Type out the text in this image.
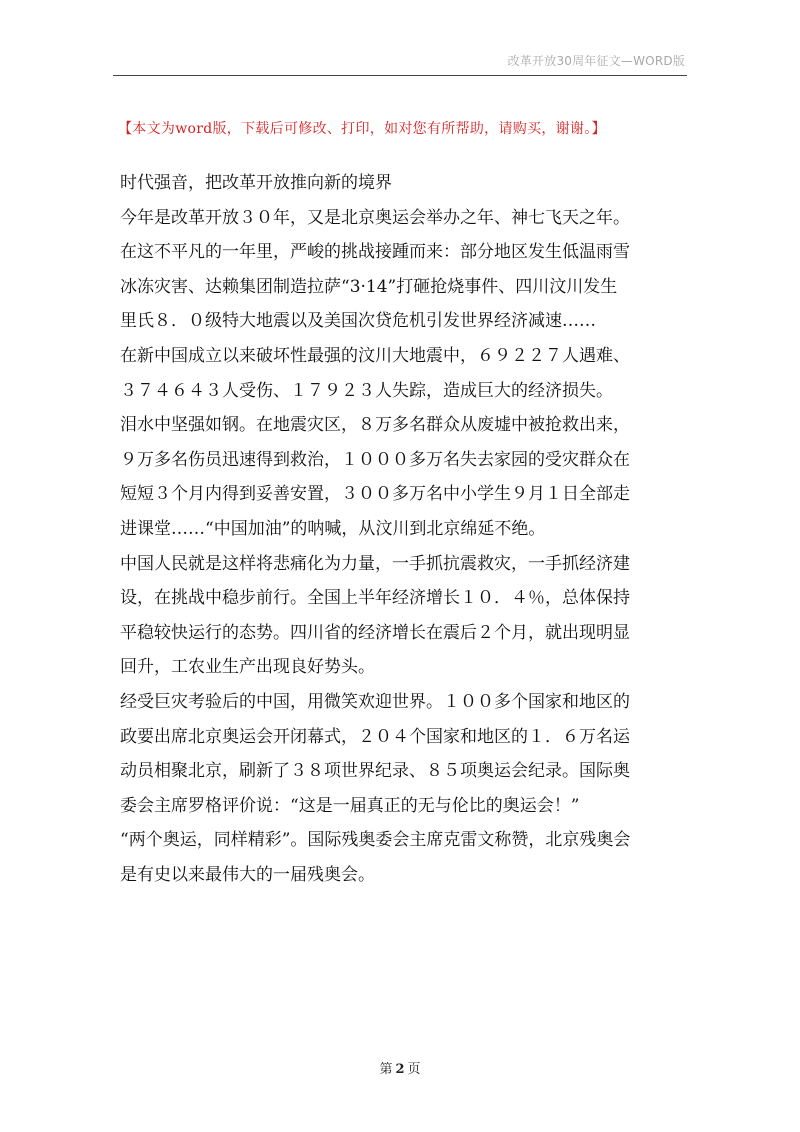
改革开放30周年征文—WORD版
【本文为word版，下载后可修改、打印，如对您有所帮助，请购买，谢谢。】
时代强音，把改革开放推向新的境界
今年是改革开放３０年，又是北京奥运会举办之年、神七飞天之年。
在这不平凡的一年里，严峻的挑战接踵而来：部分地区发生低温雨雪
冰冻灾害、达赖集团制造拉萨“3·14”打砸抢烧事件、四川汶川发生
里氏８．０级特大地震以及美国次贷危机引发世界经济减速……
在新中国成立以来破坏性最强的汶川大地震中，６９２２７人遇难、
３７４６４３人受伤、１７９２３人失踪，造成巨大的经济损失。
泪水中坚强如钢。在地震灾区，８万多名群众从废墟中被抢救出来，
９万多名伤员迅速得到救治，１０００多万名失去家园的受灾群众在
短短３个月内得到妥善安置，３００多万名中小学生９月１日全部走
进课堂……“中国加油”的呐喊，从汶川到北京绵延不绝。
中国人民就是这样将悲痛化为力量，一手抓抗震救灾，一手抓经济建
设，在挑战中稳步前行。全国上半年经济增长１０．４％，总体保持
平稳较快运行的态势。四川省的经济增长在震后２个月，就出现明显
回升，工农业生产出现良好势头。
经受巨灾考验后的中国，用微笑欢迎世界。１００多个国家和地区的
政要出席北京奥运会开闭幕式，２０４个国家和地区的１．６万名运
动员相聚北京，刷新了３８项世界纪录、８５项奥运会纪录。国际奥
委会主席罗格评价说：“这是一届真正的无与伦比的奥运会！”
“两个奥运，同样精彩”。国际残奥委会主席克雷文称赞，北京残奥会
是有史以来最伟大的一届残奥会。
第 2 页
